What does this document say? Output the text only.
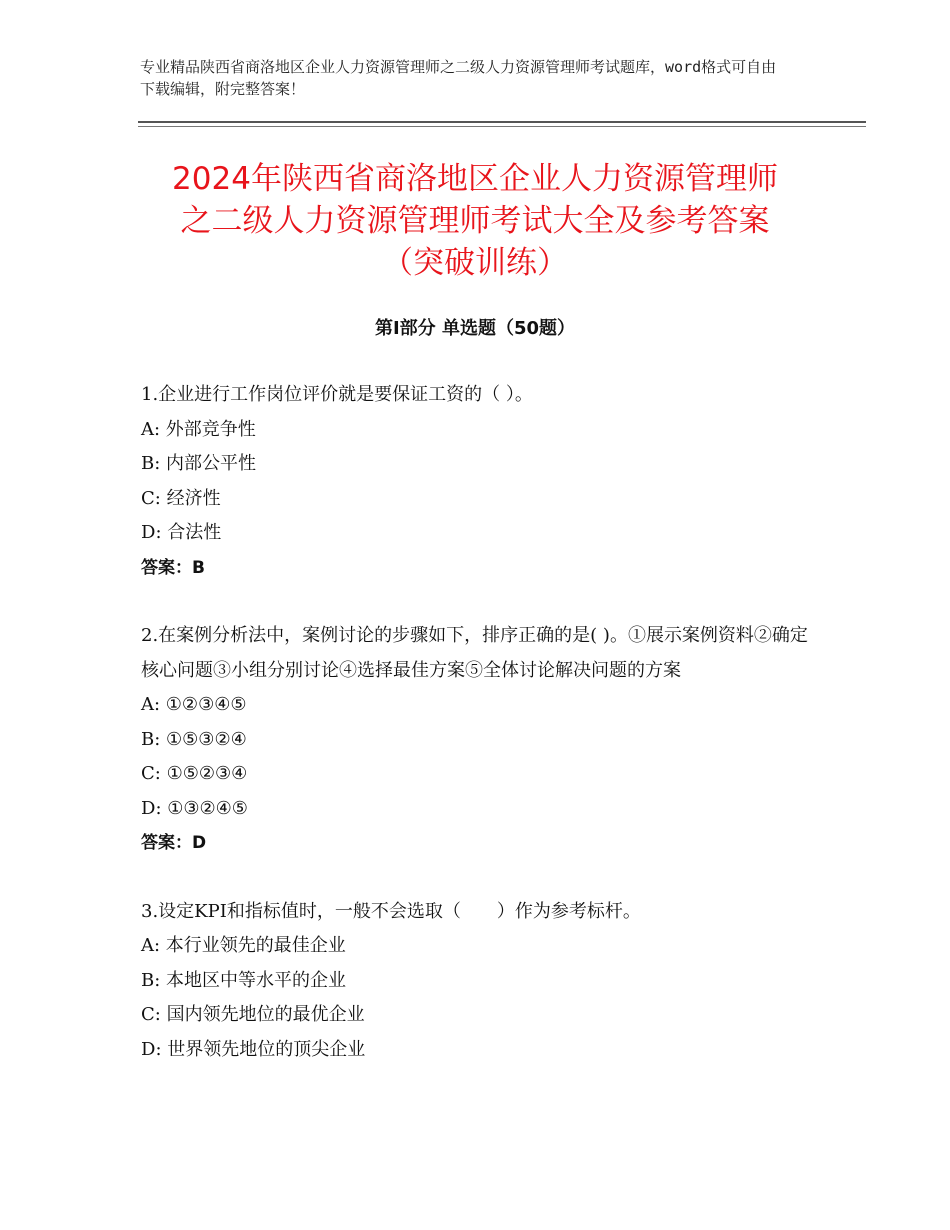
专业精品陕西省商洛地区企业人力资源管理师之二级人力资源管理师考试题库，word格式可自由下载编辑，附完整答案！
2024年陕西省商洛地区企业人力资源管理师
之二级人力资源管理师考试大全及参考答案
（突破训练）
第Ⅰ部分 单选题（50题）

1.企业进行工作岗位评价就是要保证工资的（ ）。

A: 外部竞争性

B: 内部公平性

C: 经济性

D: 合法性

答案：B

2.在案例分析法中，案例讨论的步骤如下，排序正确的是( )。①展示案例资料②确定核心问题③小组分别讨论④选择最佳方案⑤全体讨论解决问题的方案

A: ①②③④⑤

B: ①⑤③②④

C: ①⑤②③④

D: ①③②④⑤

答案：D

3.设定KPI和指标值时，一般不会选取（　　）作为参考标杆。

A: 本行业领先的最佳企业

B: 本地区中等水平的企业

C: 国内领先地位的最优企业

D: 世界领先地位的顶尖企业
